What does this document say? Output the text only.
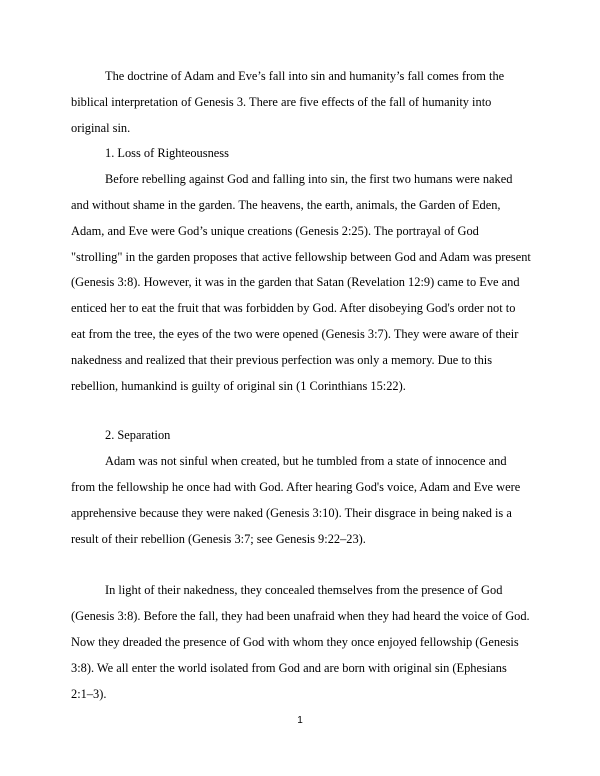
The doctrine of Adam and Eve’s fall into sin and humanity’s fall comes from the biblical interpretation of Genesis 3. There are five effects of the fall of humanity into original sin.

1. Loss of Righteousness

Before rebelling against God and falling into sin, the first two humans were naked and without shame in the garden. The heavens, the earth, animals, the Garden of Eden, Adam, and Eve were God’s unique creations (Genesis 2:25). The portrayal of God "strolling" in the garden proposes that active fellowship between God and Adam was present (Genesis 3:8). However, it was in the garden that Satan (Revelation 12:9) came to Eve and enticed her to eat the fruit that was forbidden by God. After disobeying God's order not to eat from the tree, the eyes of the two were opened (Genesis 3:7). They were aware of their nakedness and realized that their previous perfection was only a memory. Due to this rebellion, humankind is guilty of original sin (1 Corinthians 15:22).

2. Separation

Adam was not sinful when created, but he tumbled from a state of innocence and from the fellowship he once had with God. After hearing God's voice, Adam and Eve were apprehensive because they were naked (Genesis 3:10). Their disgrace in being naked is a result of their rebellion (Genesis 3:7; see Genesis 9:22–23).

In light of their nakedness, they concealed themselves from the presence of God (Genesis 3:8). Before the fall, they had been unafraid when they had heard the voice of God. Now they dreaded the presence of God with whom they once enjoyed fellowship (Genesis 3:8). We all enter the world isolated from God and are born with original sin (Ephesians 2:1–3).

1
